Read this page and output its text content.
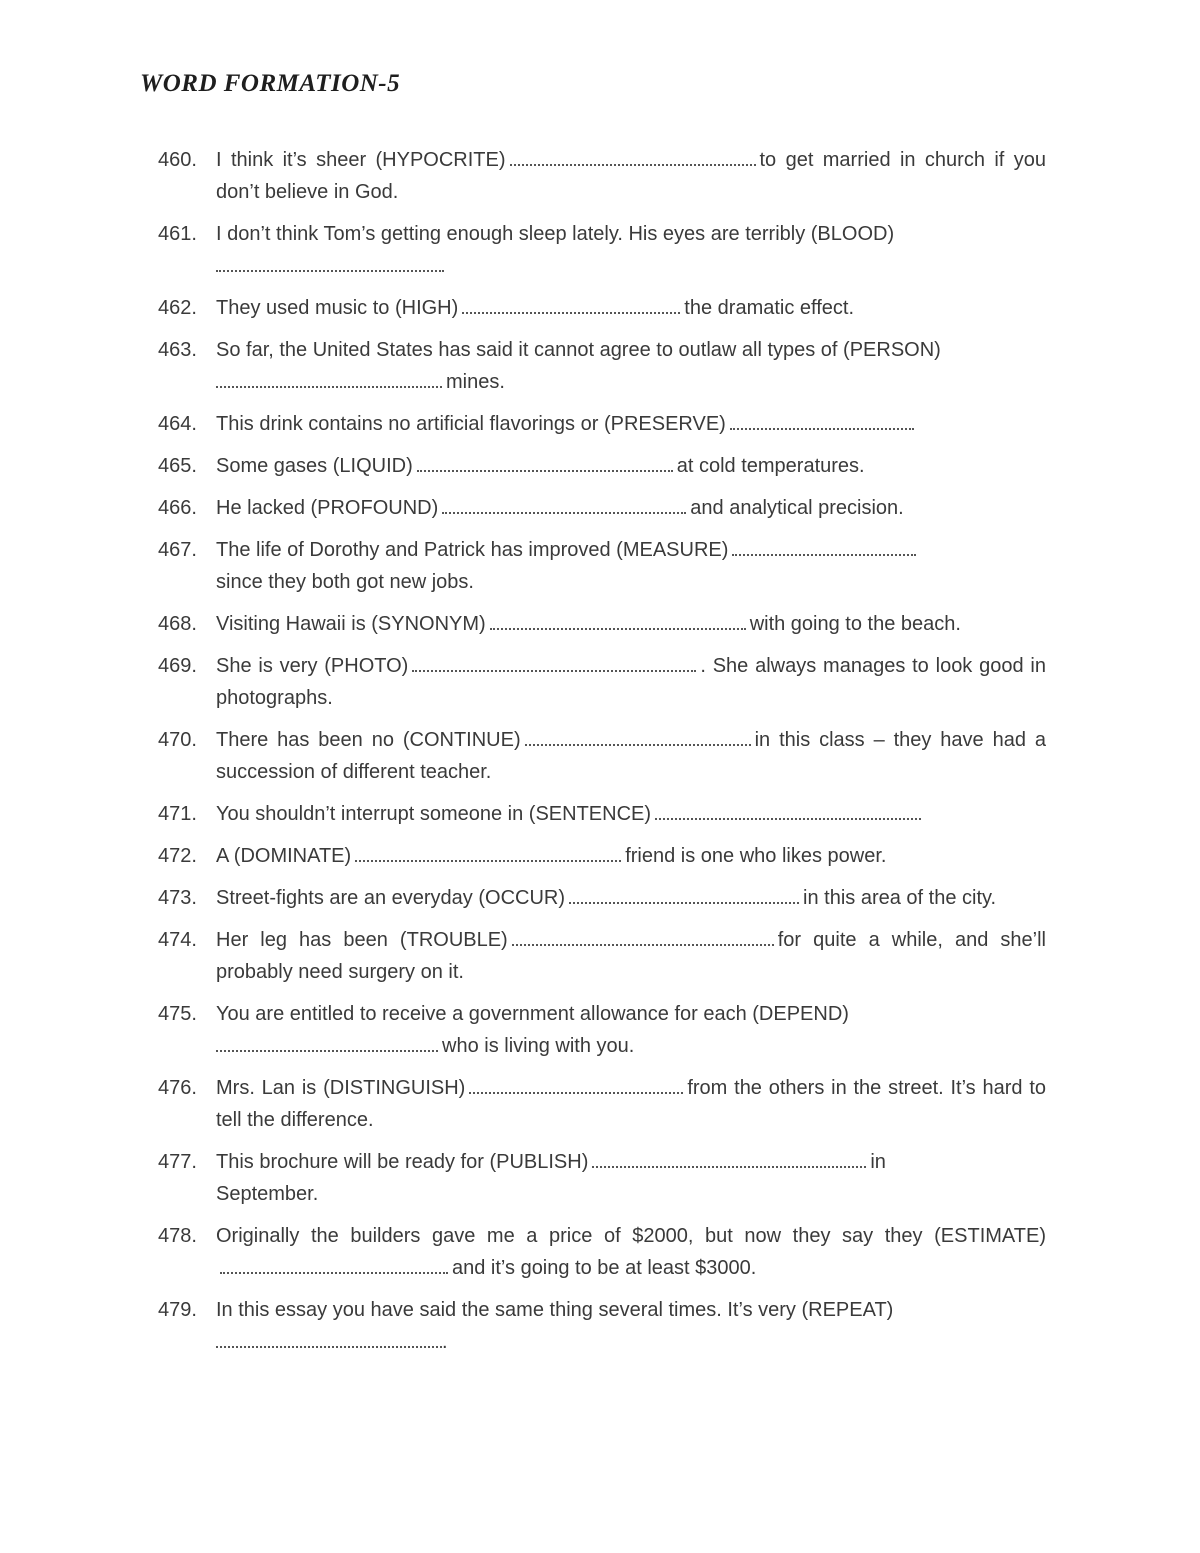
WORD FORMATION-5
460. I think it’s sheer (HYPOCRITE)	to get married in church if you don’t believe in God.
461. I don’t think Tom’s getting enough sleep lately. His eyes are terribly (BLOOD)

462. They used music to (HIGH)	the dramatic effect.
463. So far, the United States has said it cannot agree to outlaw all types of (PERSON)
mines.
464. This drink contains no artificial flavorings or (PRESERVE)
465. Some gases (LIQUID)	at cold temperatures.
466. He lacked (PROFOUND)	and analytical precision.
467. The life of Dorothy and Patrick has improved (MEASURE)
since they both got new jobs.
468. Visiting Hawaii is (SYNONYM)	with going to the beach.
469. She is very (PHOTO)	. She always manages to look good in photographs.
470. There has been no (CONTINUE)	in this class – they have had a succession of different teacher.
471. You shouldn’t interrupt someone in (SENTENCE)
472. A (DOMINATE)	friend is one who likes power.
473. Street-fights are an everyday (OCCUR)	in this area of the city.
474. Her leg has been (TROUBLE)	for quite a while, and she’ll probably need surgery on it.
475. You are entitled to receive a government allowance for each (DEPEND)
who is living with you.
476. Mrs. Lan is (DISTINGUISH)	from the others in the street. It’s hard to tell the difference.
477. This brochure will be ready for (PUBLISH)	in September.
478. Originally the builders gave me a price of $2000, but now they say they (ESTIMATE)and it’s going to be at least $3000.
479. In this essay you have said the same thing several times. It’s very (REPEAT)
.
